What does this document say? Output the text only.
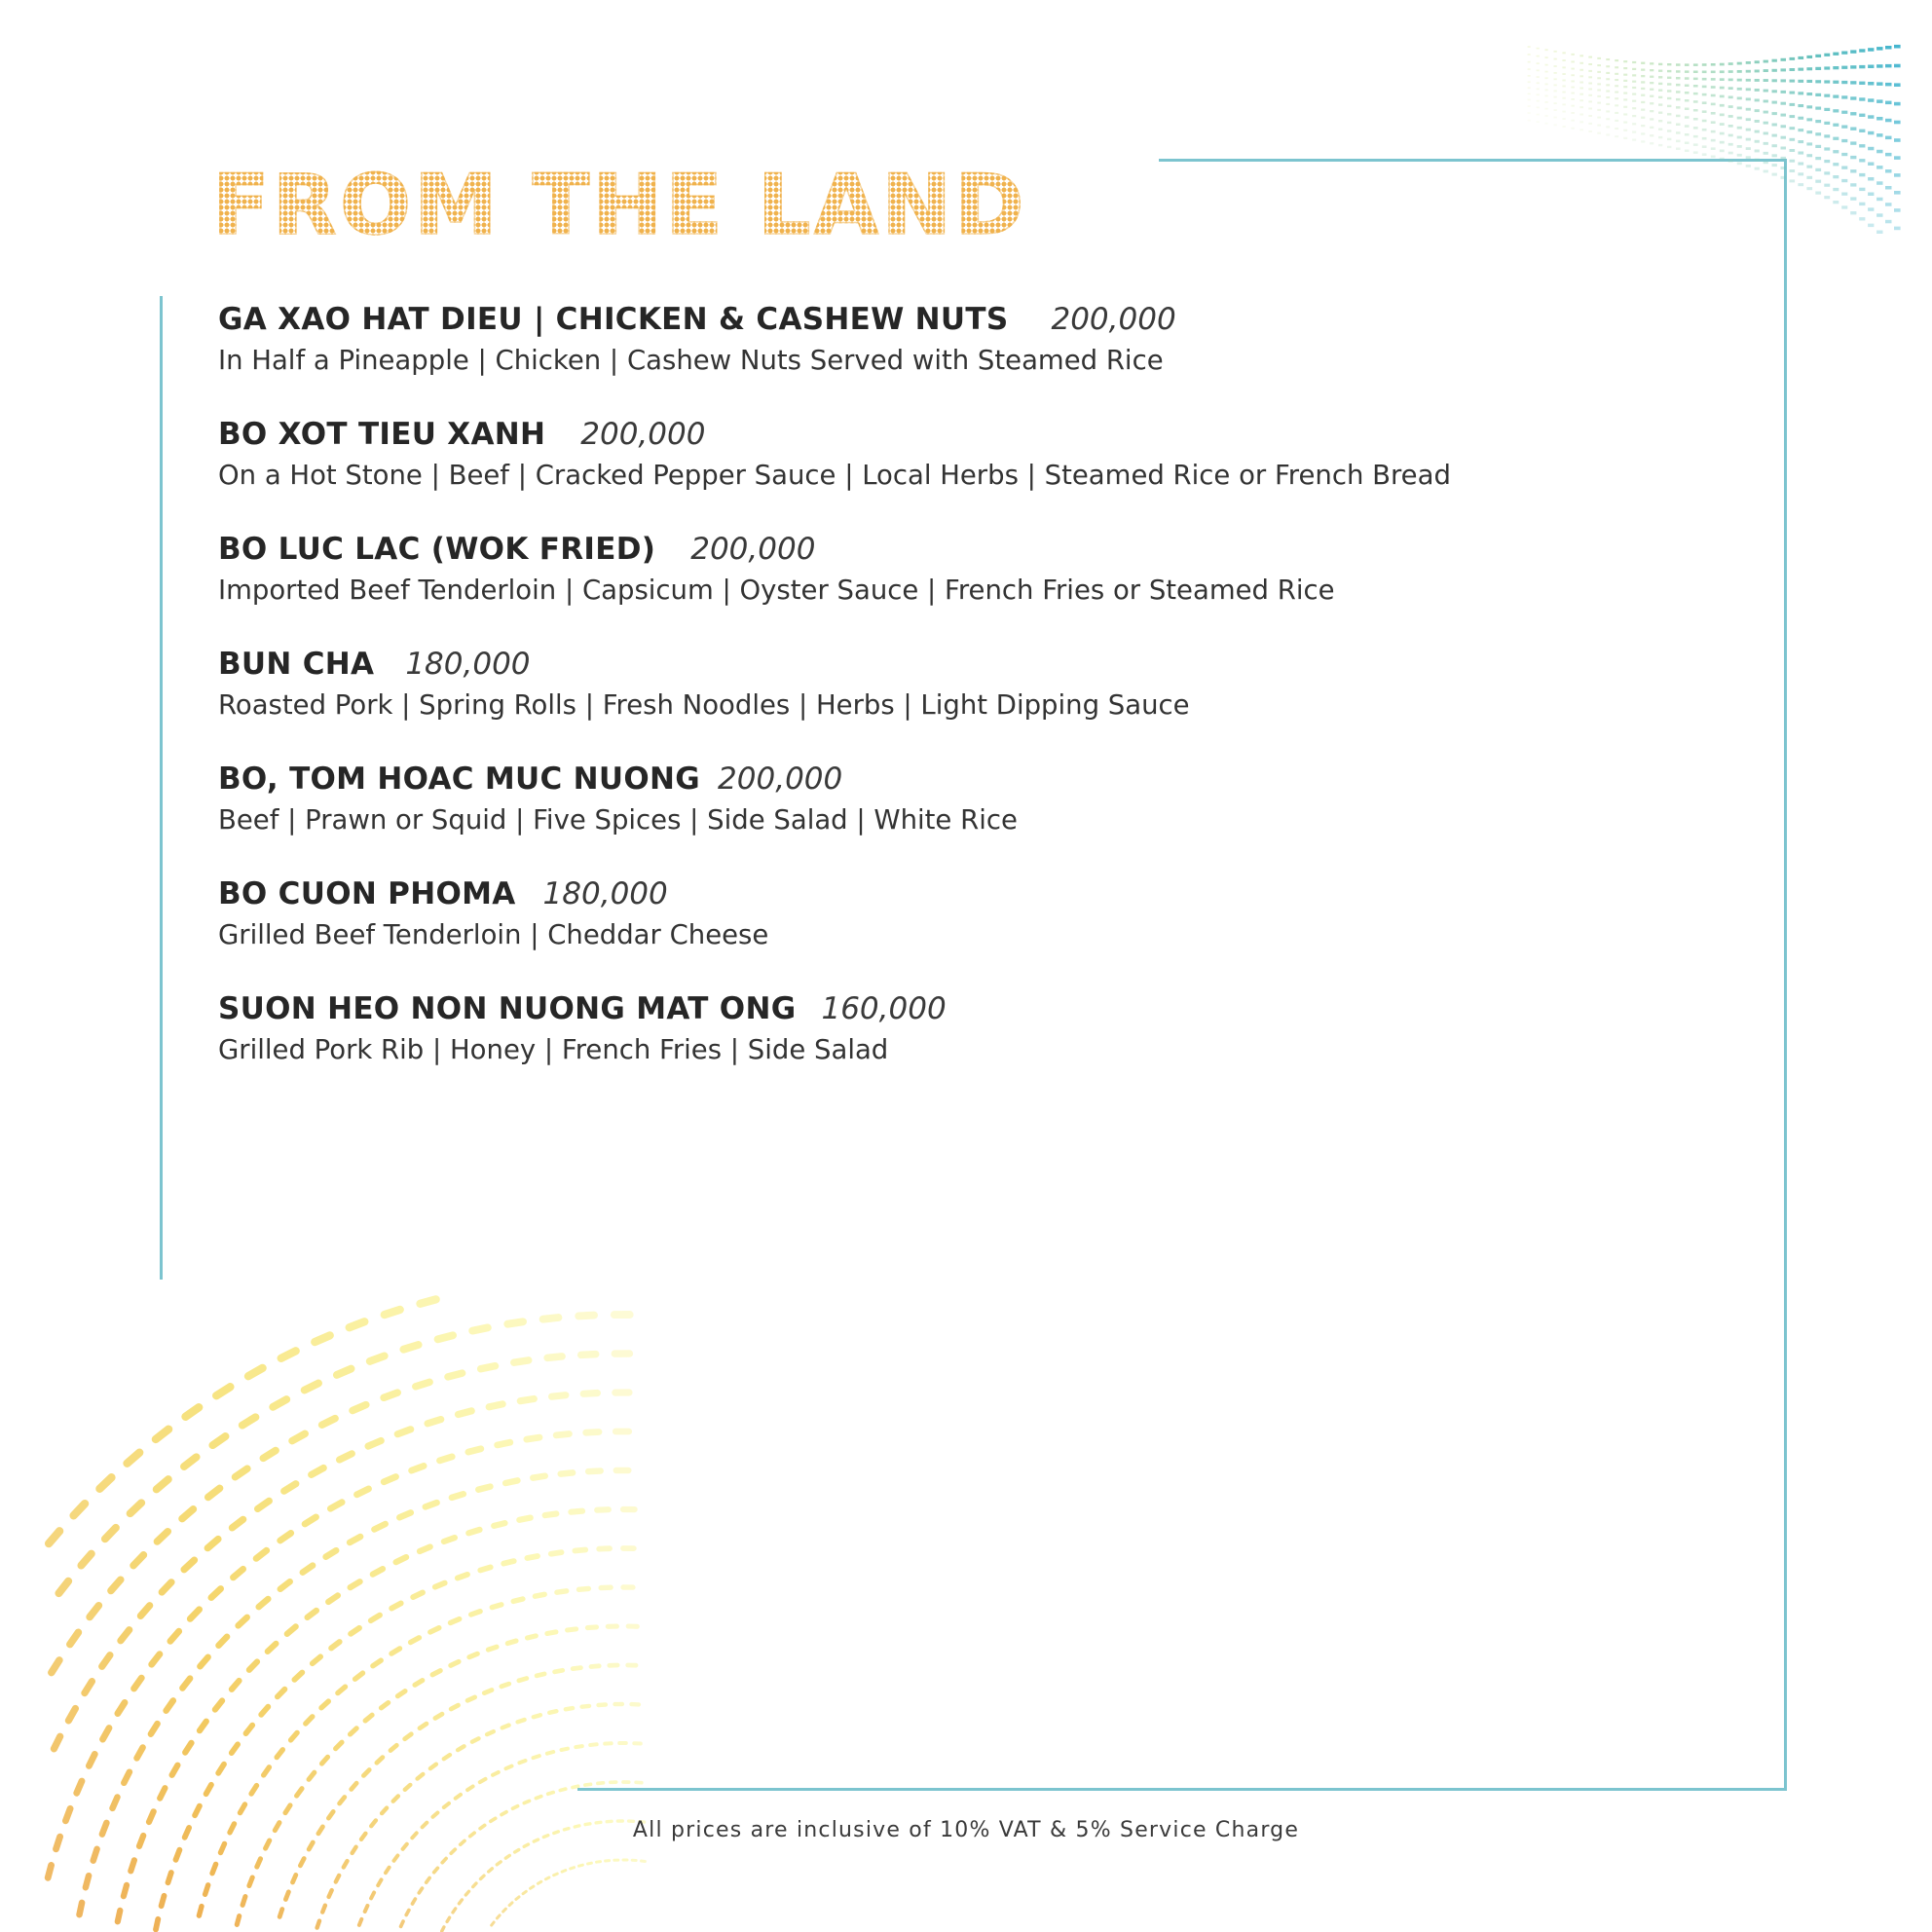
FROM THE LAND
GA XAO HAT DIEU | CHICKEN & CASHEW NUTS 200,000
In Half a Pineapple | Chicken | Cashew Nuts Served with Steamed Rice
BO XOT TIEU XANH 200,000
On a Hot Stone | Beef | Cracked Pepper Sauce | Local Herbs | Steamed Rice or French Bread
BO LUC LAC (WOK FRIED) 200,000
Imported Beef Tenderloin | Capsicum | Oyster Sauce | French Fries or Steamed Rice
BUN CHA 180,000
Roasted Pork | Spring Rolls | Fresh Noodles | Herbs | Light Dipping Sauce
BO, TOM HOAC MUC NUONG 200,000
Beef | Prawn or Squid | Five Spices | Side Salad | White Rice
BO CUON PHOMA 180,000
Grilled Beef Tenderloin | Cheddar Cheese
SUON HEO NON NUONG MAT ONG 160,000
Grilled Pork Rib | Honey | French Fries | Side Salad
All prices are inclusive of 10% VAT & 5% Service Charge
